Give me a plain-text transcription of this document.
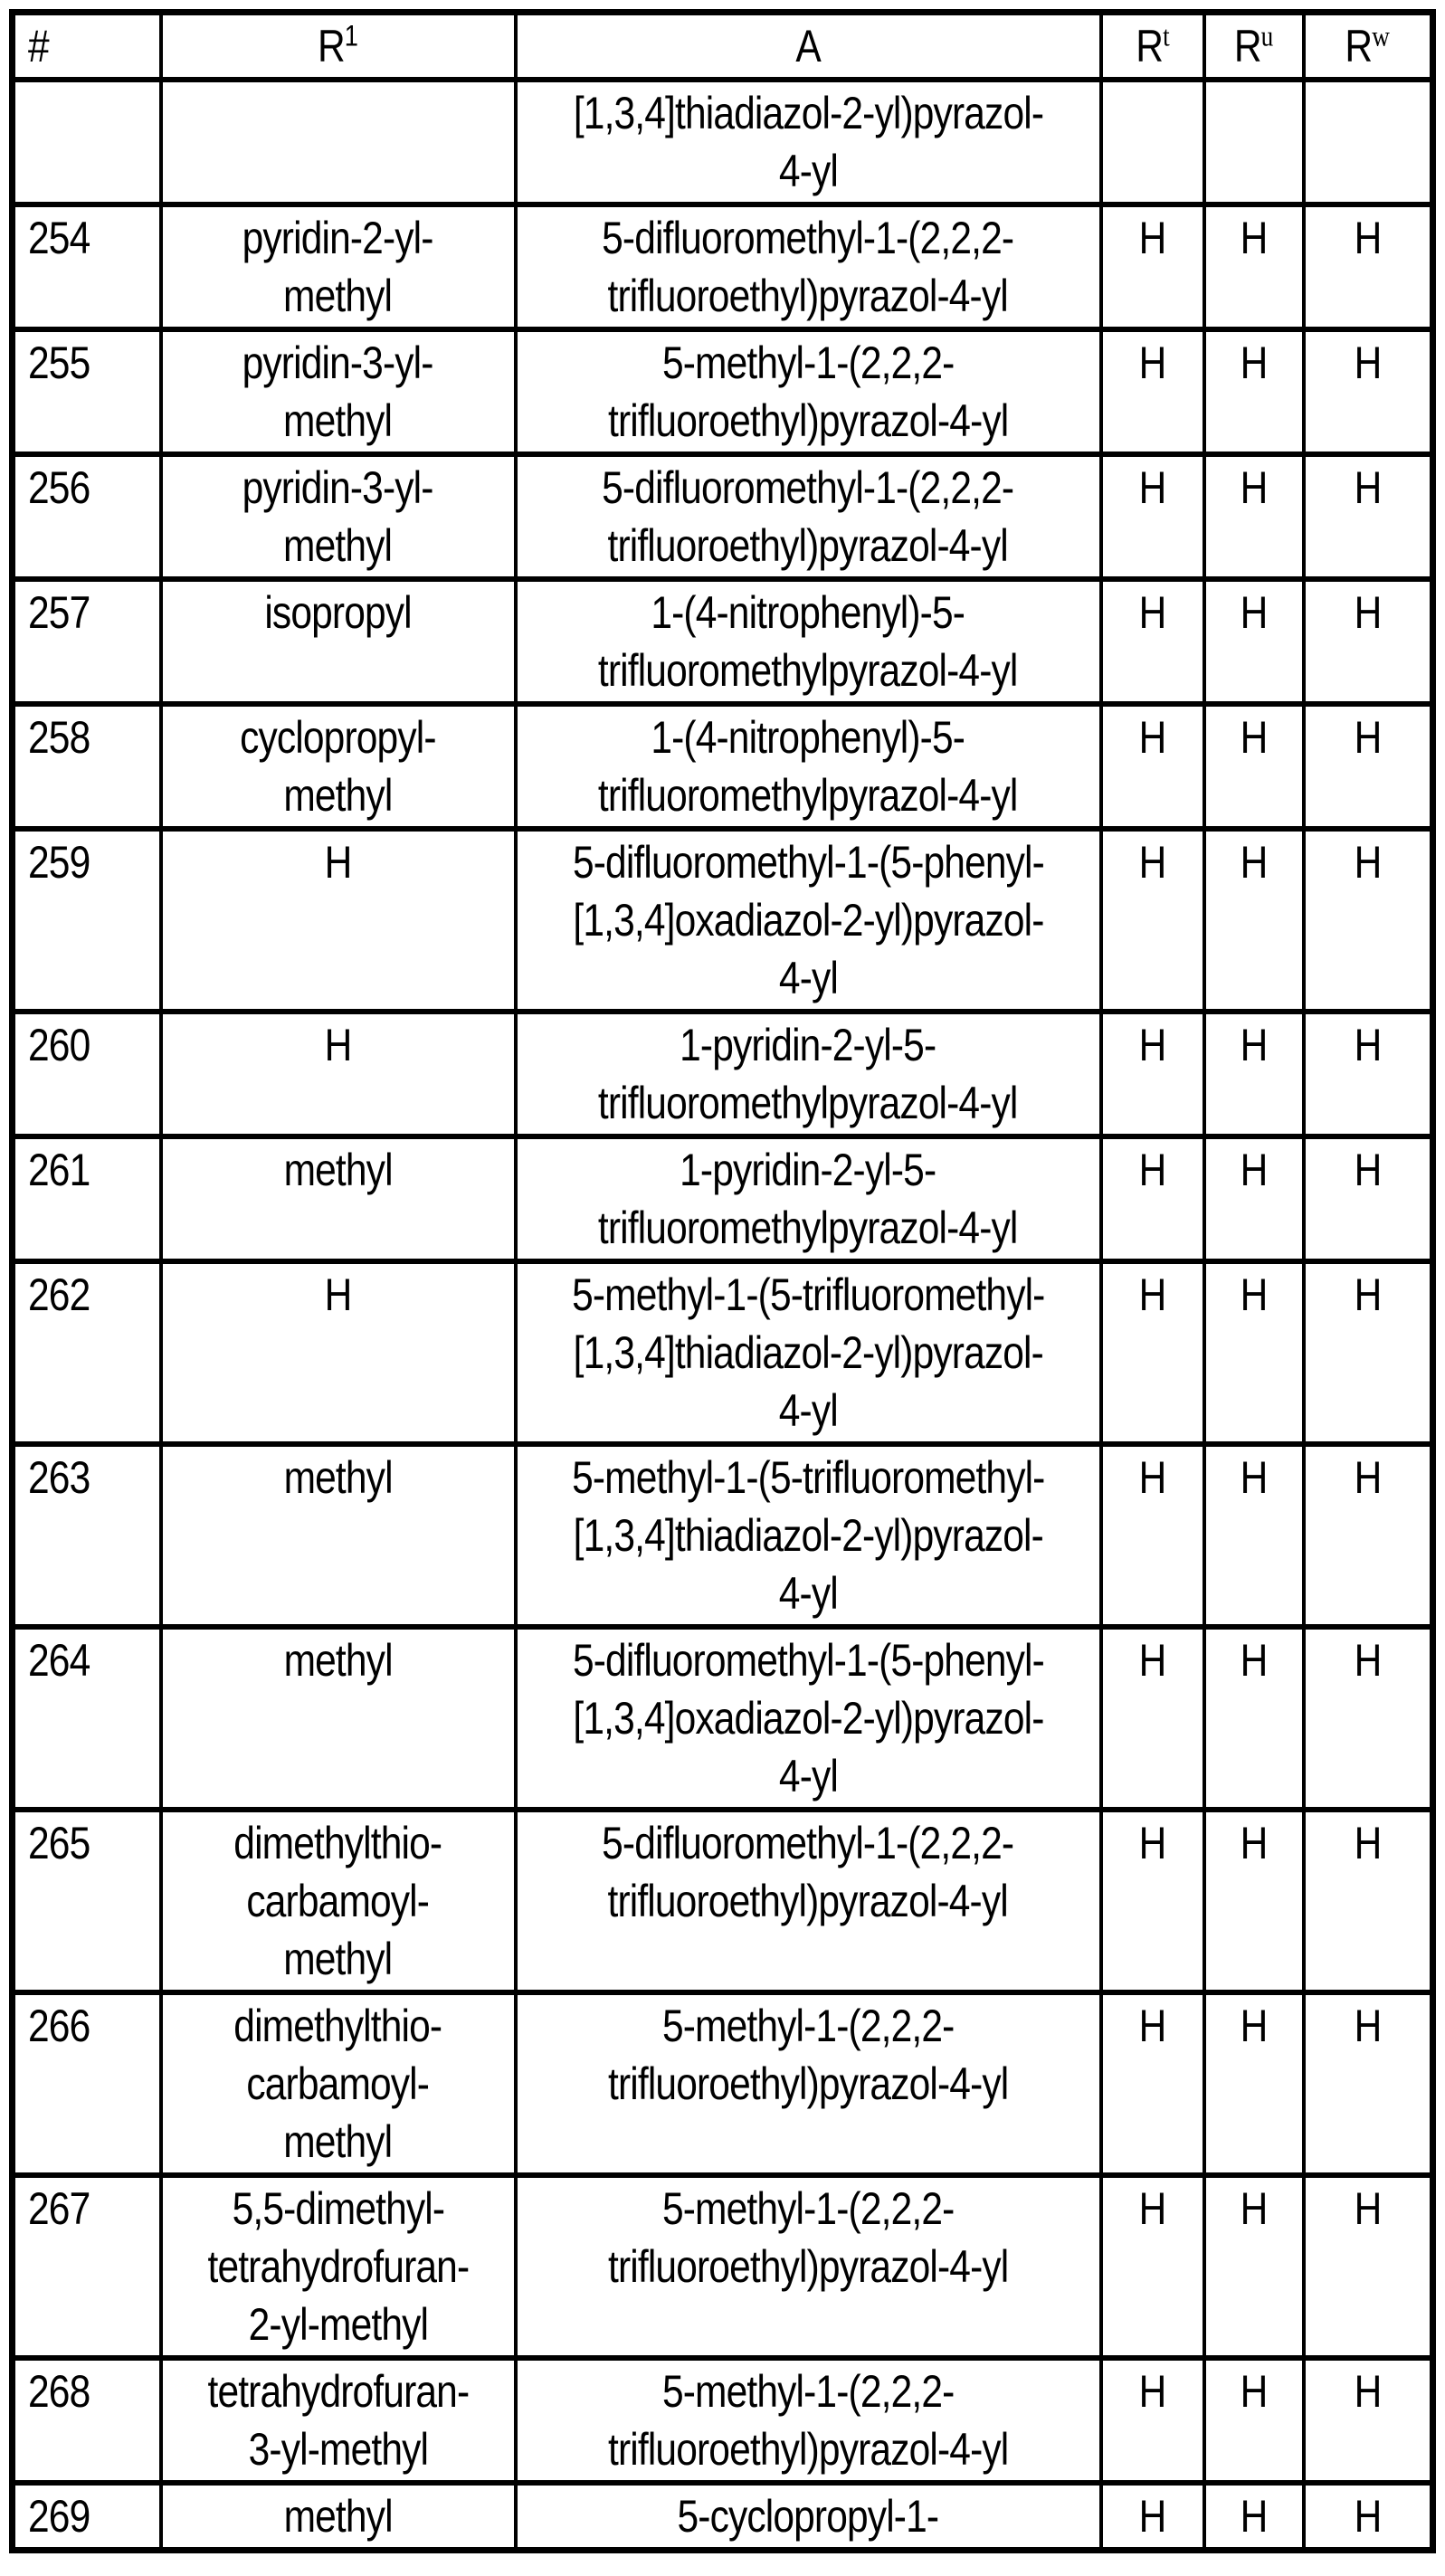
#	$R^1$	A	$R^t$	$R^u$	$R^w$
		[1,3,4]thiadiazol-2-yl)pyrazol-
4-yl			
254	pyridin-2-yl-
methyl	5-difluoromethyl-1-(2,2,2-
trifluoroethyl)pyrazol-4-yl	H	H	H
255	pyridin-3-yl-
methyl	5-methyl-1-(2,2,2-
trifluoroethyl)pyrazol-4-yl	H	H	H
256	pyridin-3-yl-
methyl	5-difluoromethyl-1-(2,2,2-
trifluoroethyl)pyrazol-4-yl	H	H	H
257	isopropyl	1-(4-nitrophenyl)-5-
trifluoromethylpyrazol-4-yl	H	H	H
258	cyclopropyl-
methyl	1-(4-nitrophenyl)-5-
trifluoromethylpyrazol-4-yl	H	H	H
259	H	5-difluoromethyl-1-(5-phenyl-
[1,3,4]oxadiazol-2-yl)pyrazol-
4-yl	H	H	H
260	H	1-pyridin-2-yl-5-
trifluoromethylpyrazol-4-yl	H	H	H
261	methyl	1-pyridin-2-yl-5-
trifluoromethylpyrazol-4-yl	H	H	H
262	H	5-methyl-1-(5-trifluoromethyl-
[1,3,4]thiadiazol-2-yl)pyrazol-
4-yl	H	H	H
263	methyl	5-methyl-1-(5-trifluoromethyl-
[1,3,4]thiadiazol-2-yl)pyrazol-
4-yl	H	H	H
264	methyl	5-difluoromethyl-1-(5-phenyl-
[1,3,4]oxadiazol-2-yl)pyrazol-
4-yl	H	H	H
265	dimethylthio-
carbamoyl-
methyl	5-difluoromethyl-1-(2,2,2-
trifluoroethyl)pyrazol-4-yl	H	H	H
266	dimethylthio-
carbamoyl-
methyl	5-methyl-1-(2,2,2-
trifluoroethyl)pyrazol-4-yl	H	H	H
267	5,5-dimethyl-
tetrahydrofuran-
2-yl-methyl	5-methyl-1-(2,2,2-
trifluoroethyl)pyrazol-4-yl	H	H	H
268	tetrahydrofuran-
3-yl-methyl	5-methyl-1-(2,2,2-
trifluoroethyl)pyrazol-4-yl	H	H	H
269	methyl	5-cyclopropyl-1-	H	H	H
